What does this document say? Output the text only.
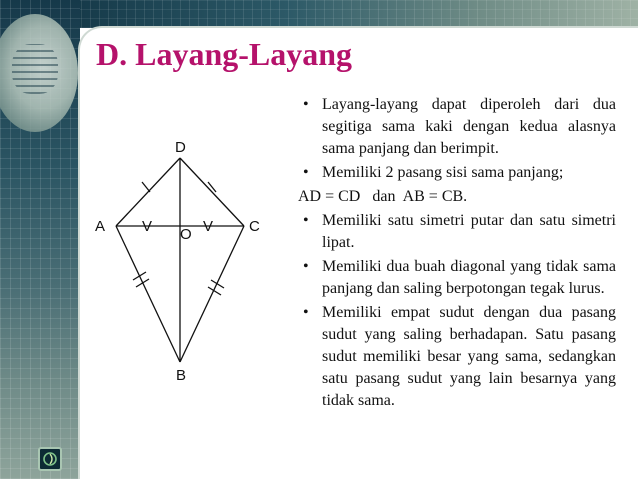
D. Layang-Layang
D
A	C
B
O
V	V
• Layang-layang dapat diperoleh dari dua segitiga sama kaki dengan kedua alasnya sama panjang dan berimpit.
• Memiliki 2 pasang sisi sama panjang;
AD = CD   dan  AB = CB.
• Memiliki satu simetri putar dan satu simetri lipat.
• Memiliki dua buah diagonal yang tidak sama panjang dan saling berpotongan tegak lurus.
• Memiliki empat sudut dengan dua pasang sudut yang saling berhadapan. Satu pasang sudut memiliki besar yang sama, sedangkan satu pasang sudut yang lain besarnya yang tidak sama.
